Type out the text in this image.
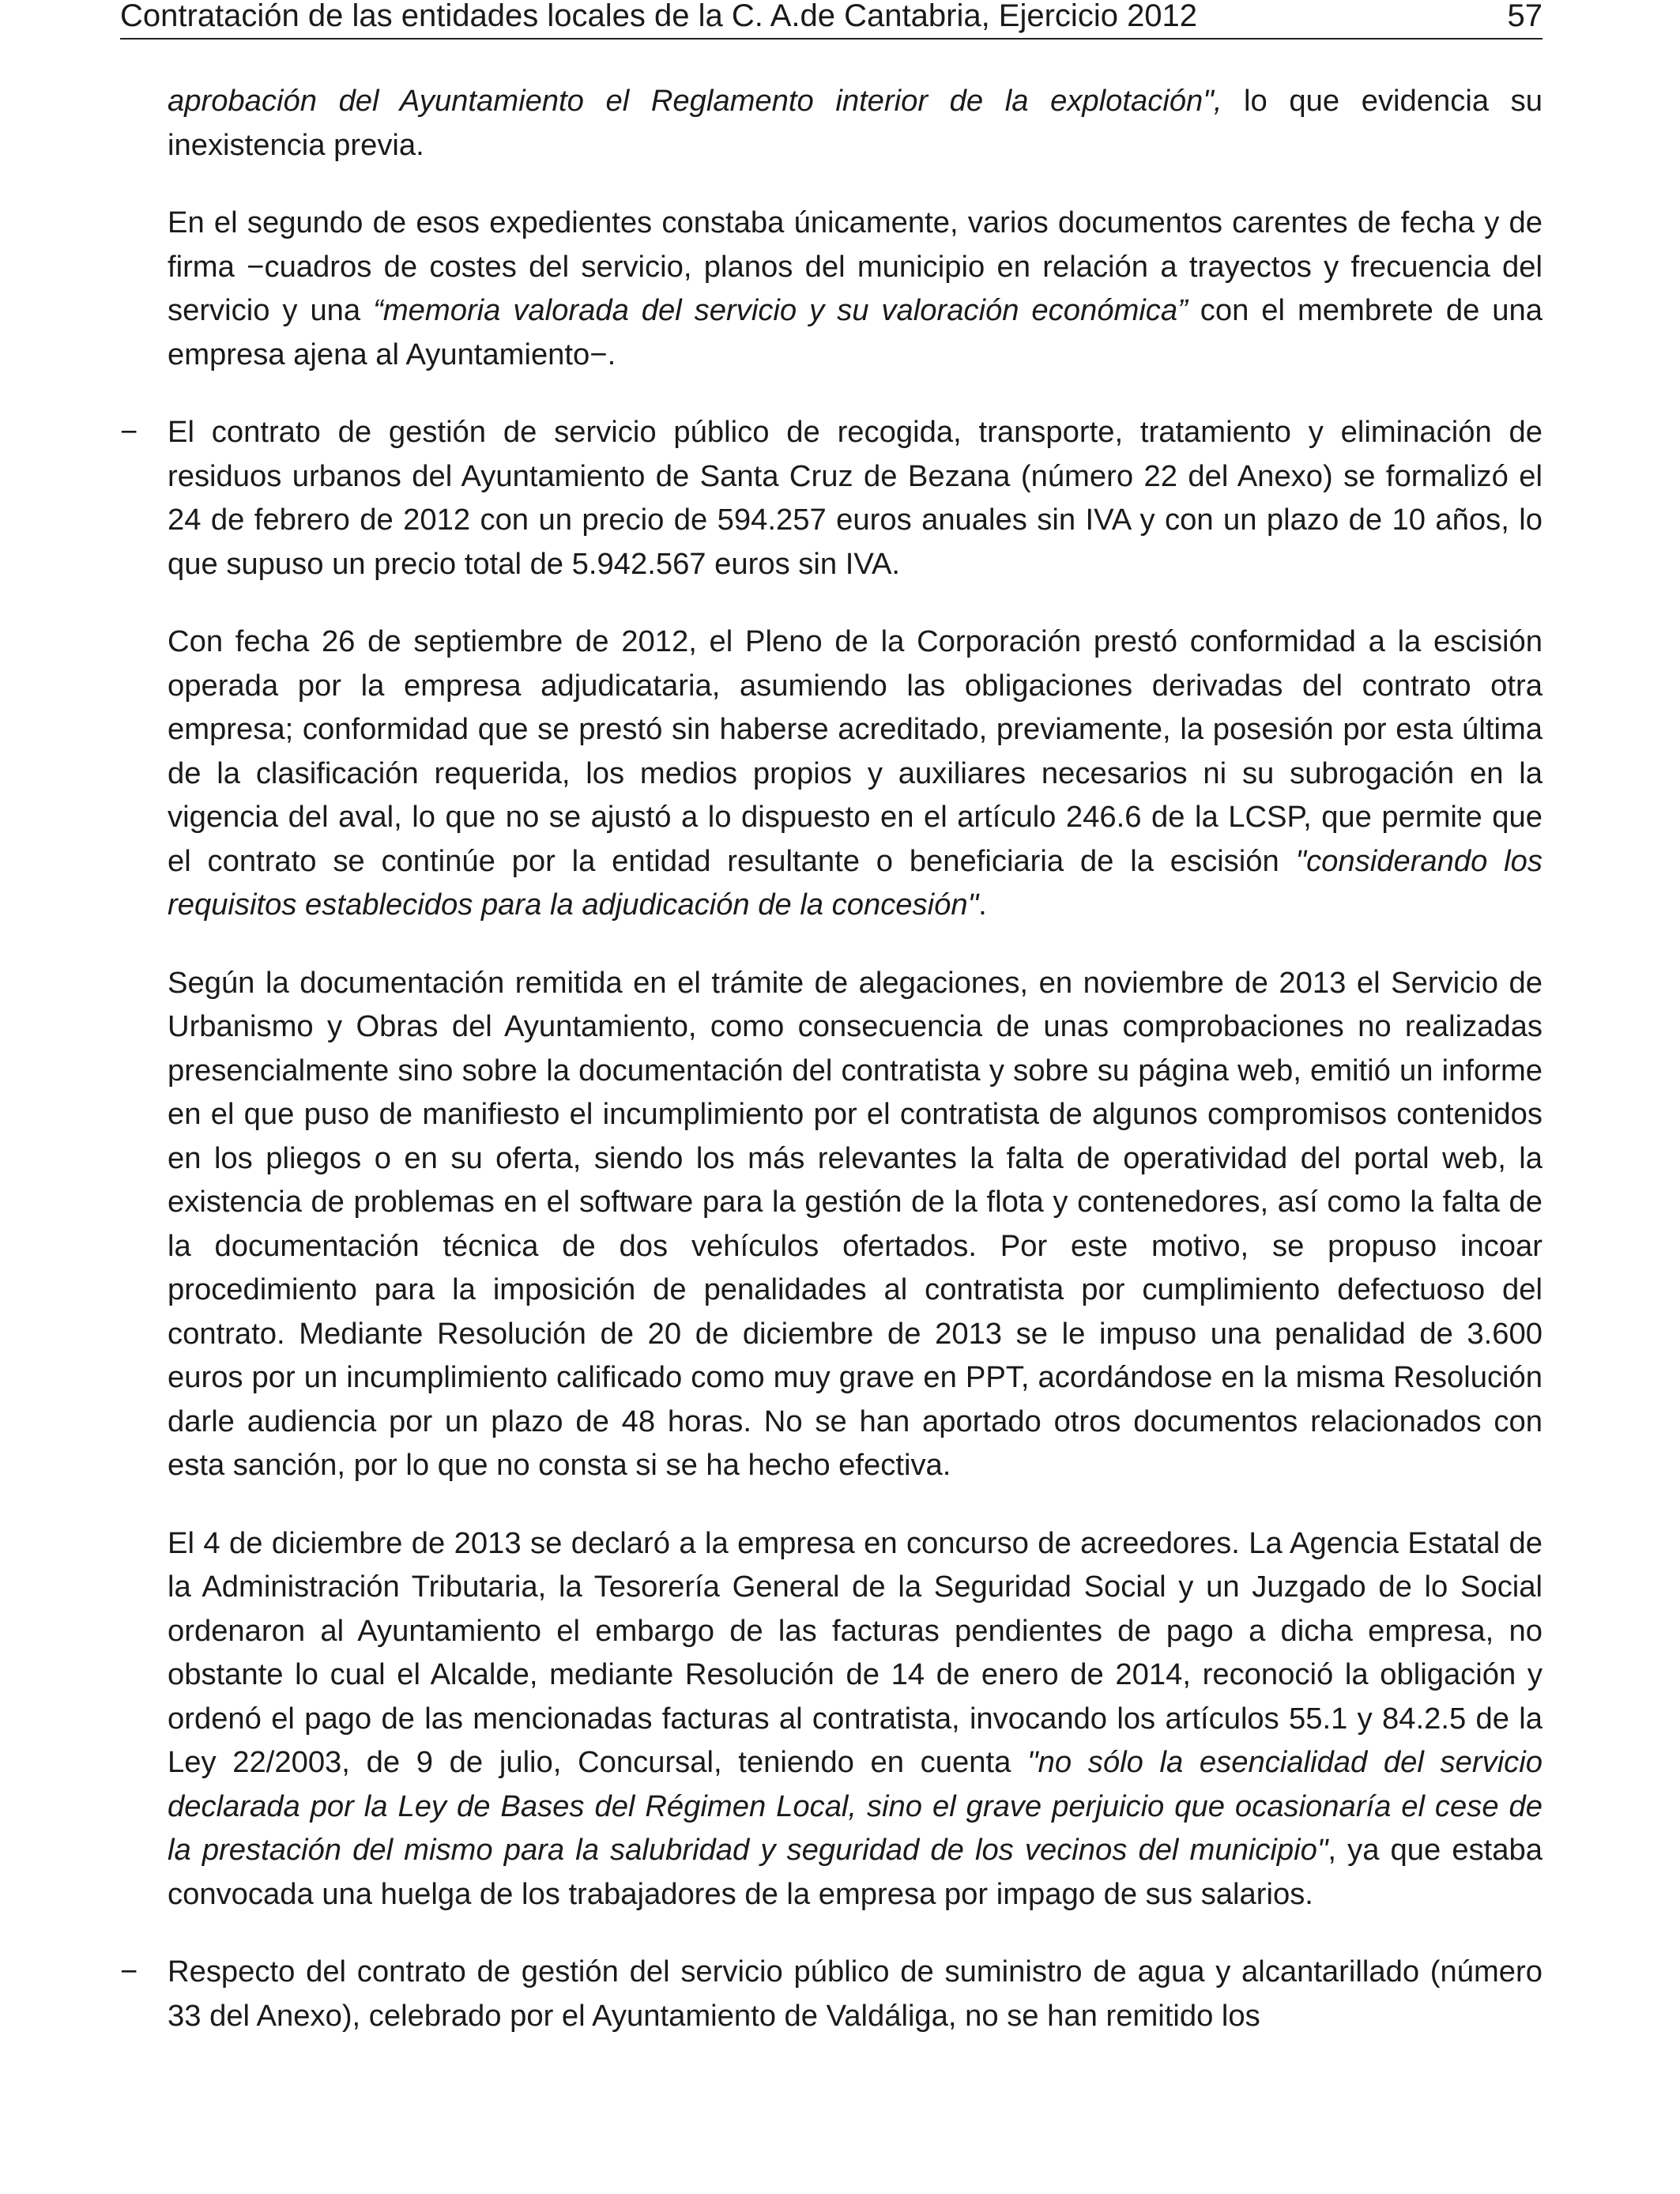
Contratación de las entidades locales de la C. A.de Cantabria, Ejercicio 2012	57

aprobación del Ayuntamiento el Reglamento interior de la explotación", lo que evidencia su inexistencia previa.

En el segundo de esos expedientes constaba únicamente, varios documentos carentes de fecha y de firma −cuadros de costes del servicio, planos del municipio en relación a trayectos y frecuencia del servicio y una “memoria valorada del servicio y su valoración económica” con el membrete de una empresa ajena al Ayuntamiento−.

− El contrato de gestión de servicio público de recogida, transporte, tratamiento y eliminación de residuos urbanos del Ayuntamiento de Santa Cruz de Bezana (número 22 del Anexo) se formalizó el 24 de febrero de 2012 con un precio de 594.257 euros anuales sin IVA y con un plazo de 10 años, lo que supuso un precio total de 5.942.567 euros sin IVA.

Con fecha 26 de septiembre de 2012, el Pleno de la Corporación prestó conformidad a la escisión operada por la empresa adjudicataria, asumiendo las obligaciones derivadas del contrato otra empresa; conformidad que se prestó sin haberse acreditado, previamente, la posesión por esta última de la clasificación requerida, los medios propios y auxiliares necesarios ni su subrogación en la vigencia del aval, lo que no se ajustó a lo dispuesto en el artículo 246.6 de la LCSP, que permite que el contrato se continúe por la entidad resultante o beneficiaria de la escisión "considerando los requisitos establecidos para la adjudicación de la concesión".

Según la documentación remitida en el trámite de alegaciones, en noviembre de 2013 el Servicio de Urbanismo y Obras del Ayuntamiento, como consecuencia de unas comprobaciones no realizadas presencialmente sino sobre la documentación del contratista y sobre su página web, emitió un informe en el que puso de manifiesto el incumplimiento por el contratista de algunos compromisos contenidos en los pliegos o en su oferta, siendo los más relevantes la falta de operatividad del portal web, la existencia de problemas en el software para la gestión de la flota y contenedores, así como la falta de la documentación técnica de dos vehículos ofertados. Por este motivo, se propuso incoar procedimiento para la imposición de penalidades al contratista por cumplimiento defectuoso del contrato. Mediante Resolución de 20 de diciembre de 2013 se le impuso una penalidad de 3.600 euros por un incumplimiento calificado como muy grave en PPT, acordándose en la misma Resolución darle audiencia por un plazo de 48 horas. No se han aportado otros documentos relacionados con esta sanción, por lo que no consta si se ha hecho efectiva.

El 4 de diciembre de 2013 se declaró a la empresa en concurso de acreedores. La Agencia Estatal de la Administración Tributaria, la Tesorería General de la Seguridad Social y un Juzgado de lo Social ordenaron al Ayuntamiento el embargo de las facturas pendientes de pago a dicha empresa, no obstante lo cual el Alcalde, mediante Resolución de 14 de enero de 2014, reconoció la obligación y ordenó el pago de las mencionadas facturas al contratista, invocando los artículos 55.1 y 84.2.5 de la Ley 22/2003, de 9 de julio, Concursal, teniendo en cuenta "no sólo la esencialidad del servicio declarada por la Ley de Bases del Régimen Local, sino el grave perjuicio que ocasionaría el cese de la prestación del mismo para la salubridad y seguridad de los vecinos del municipio", ya que estaba convocada una huelga de los trabajadores de la empresa por impago de sus salarios.

− Respecto del contrato de gestión del servicio público de suministro de agua y alcantarillado (número 33 del Anexo), celebrado por el Ayuntamiento de Valdáliga, no se han remitido los
